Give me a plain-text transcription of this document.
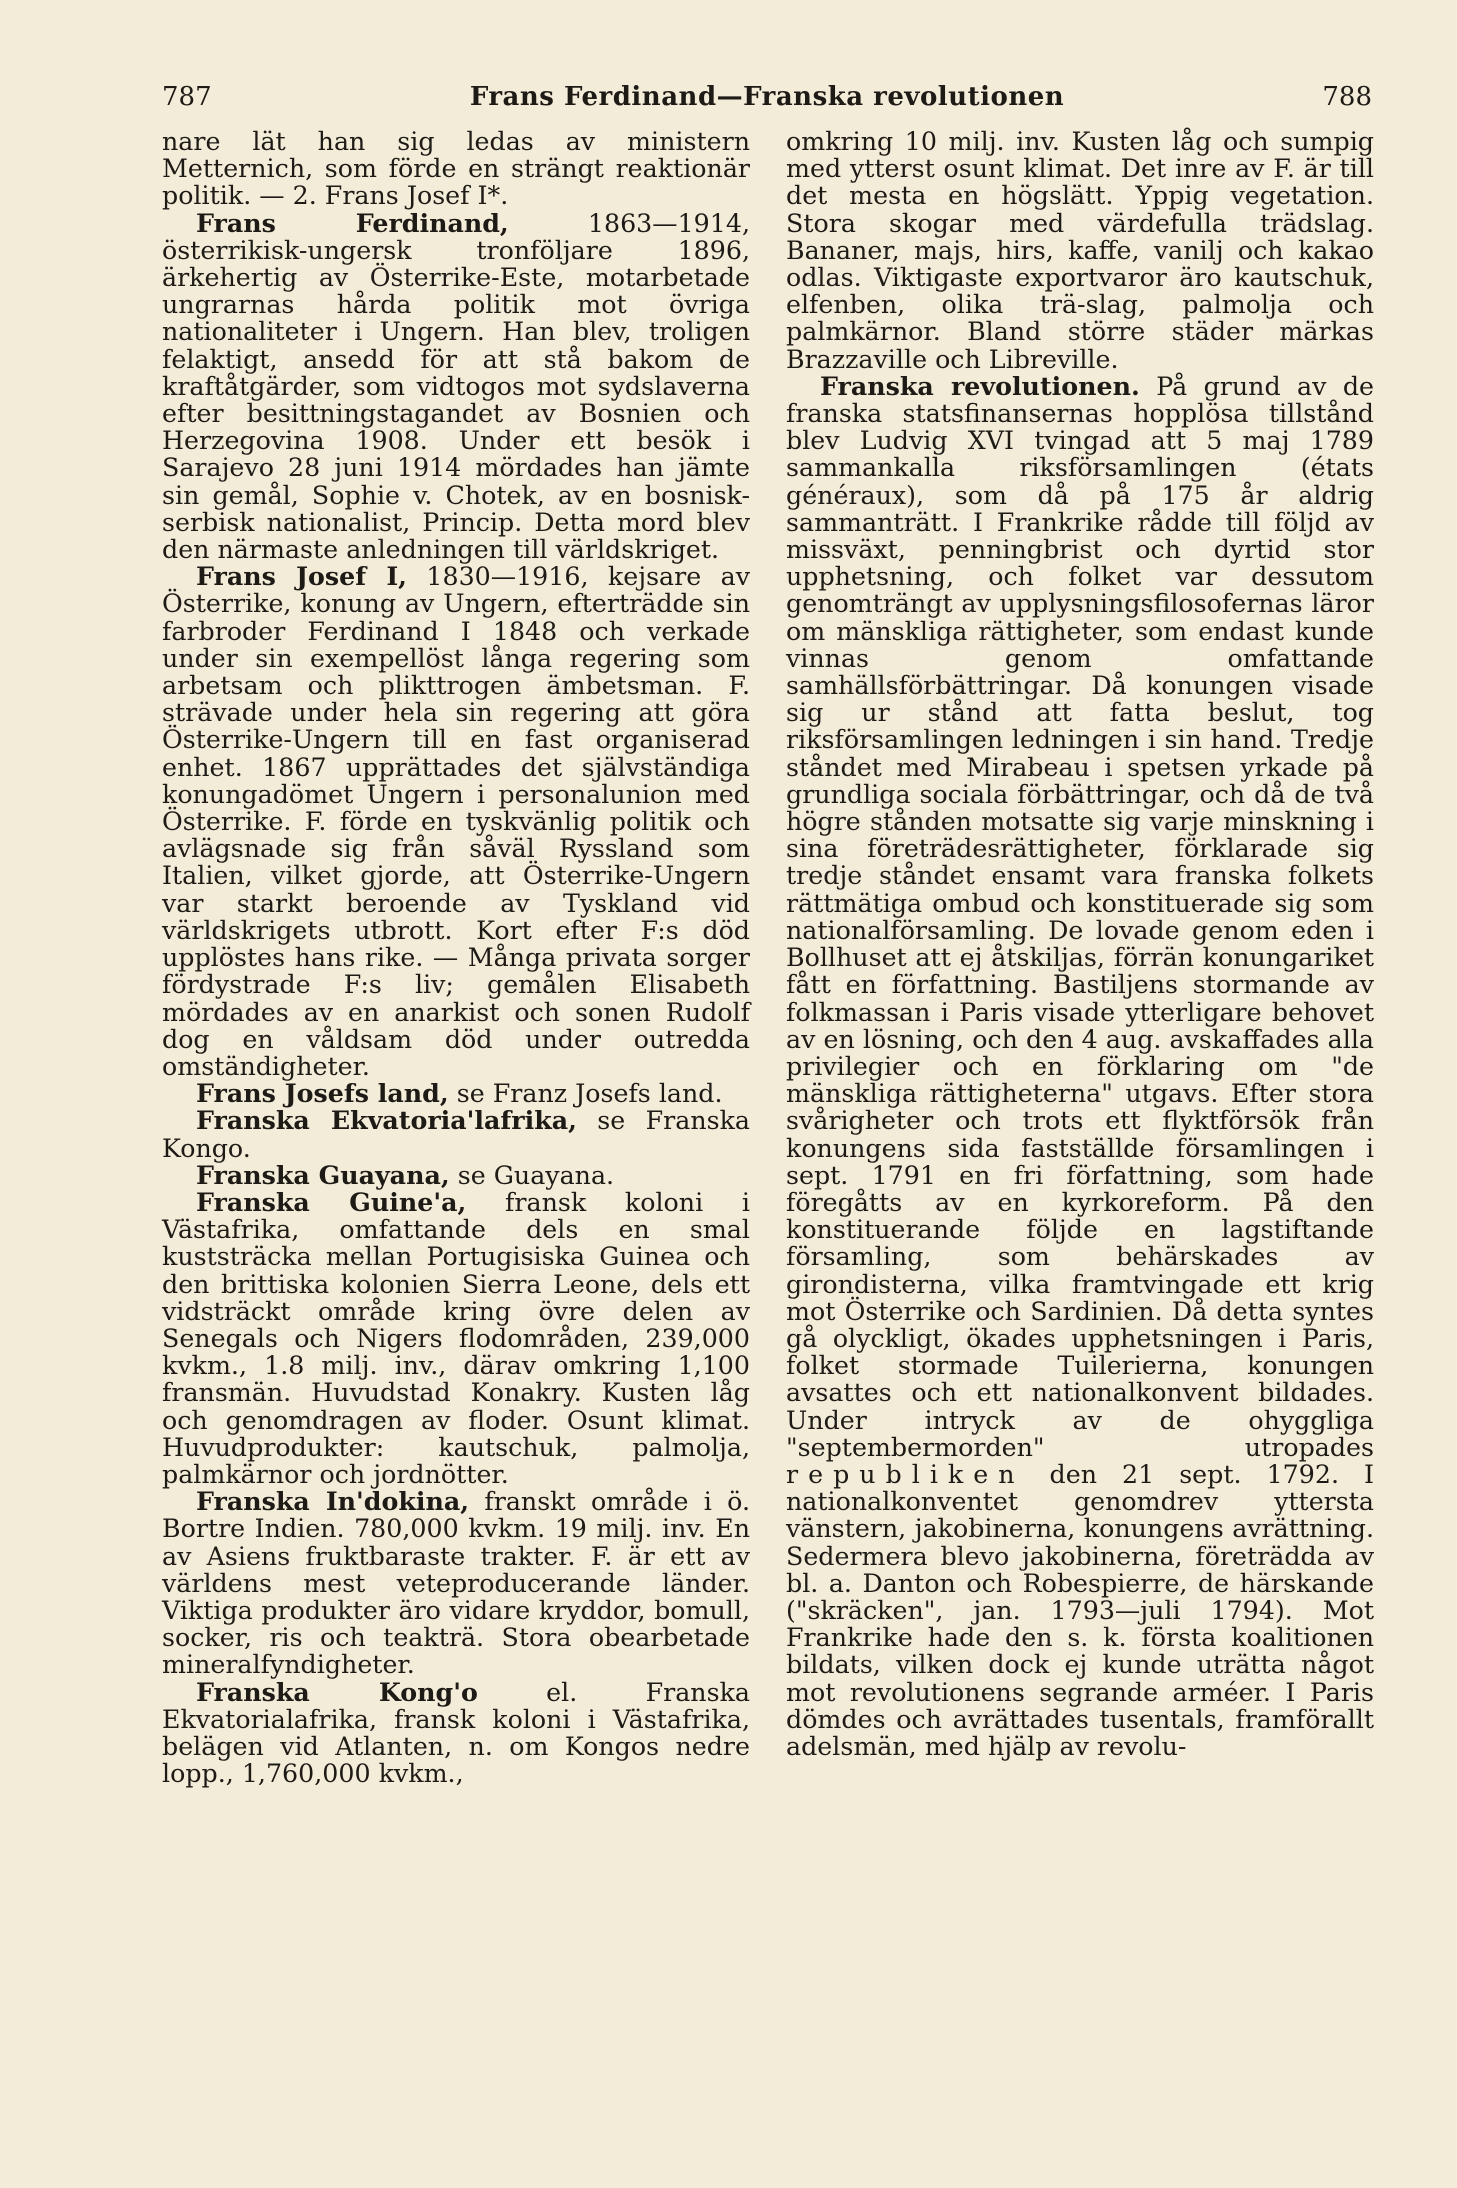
787	Frans Ferdinand—Franska revolutionen	788

nare lät han sig ledas av ministern Metternich, som förde en strängt reaktionär politik. — 2. Frans Josef I*.

Frans Ferdinand, 1863—1914, österrikisk-ungersk tronföljare 1896, ärkehertig av Österrike-Este, motarbetade ungrarnas hårda politik mot övriga nationaliteter i Ungern. Han blev, troligen felaktigt, ansedd för att stå bakom de kraftåtgärder, som vidtogos mot sydslaverna efter besittningstagandet av Bosnien och Herzegovina 1908. Under ett besök i Sarajevo 28 juni 1914 mördades han jämte sin gemål, Sophie v. Chotek, av en bosnisk-serbisk nationalist, Princip. Detta mord blev den närmaste anledningen till världskriget.

Frans Josef I, 1830—1916, kejsare av Österrike, konung av Ungern, efterträdde sin farbroder Ferdinand I 1848 och verkade under sin exempellöst långa regering som arbetsam och plikttrogen ämbetsman. F. strävade under hela sin regering att göra Österrike-Ungern till en fast organiserad enhet. 1867 upprättades det självständiga konungadömet Ungern i personalunion med Österrike. F. förde en tyskvänlig politik och avlägsnade sig från såväl Ryssland som Italien, vilket gjorde, att Österrike-Ungern var starkt beroende av Tyskland vid världskrigets utbrott. Kort efter F:s död upplöstes hans rike. — Många privata sorger fördystrade F:s liv; gemålen Elisabeth mördades av en anarkist och sonen Rudolf dog en våldsam död under outredda omständigheter.

Frans Josefs land, se Franz Josefs land.

Franska Ekvatoria'lafrika, se Franska Kongo.

Franska Guayana, se Guayana.

Franska Guine'a, fransk koloni i Västafrika, omfattande dels en smal kuststräcka mellan Portugisiska Guinea och den brittiska kolonien Sierra Leone, dels ett vidsträckt område kring övre delen av Senegals och Nigers flodområden, 239,000 kvkm., 1.8 milj. inv., därav omkring 1,100 fransmän. Huvudstad Konakry. Kusten låg och genomdragen av floder. Osunt klimat. Huvudprodukter: kautschuk, palmolja, palmkärnor och jordnötter.

Franska In'dokina, franskt område i ö. Bortre Indien. 780,000 kvkm. 19 milj. inv. En av Asiens fruktbaraste trakter. F. är ett av världens mest veteproducerande länder. Viktiga produkter äro vidare kryddor, bomull, socker, ris och teakträ. Stora obearbetade mineralfyndigheter.

Franska Kong'o el. Franska Ekvatorialafrika, fransk koloni i Västafrika, belägen vid Atlanten, n. om Kongos nedre lopp., 1,760,000 kvkm.,

omkring 10 milj. inv. Kusten låg och sumpig med ytterst osunt klimat. Det inre av F. är till det mesta en högslätt. Yppig vegetation. Stora skogar med värdefulla trädslag. Bananer, majs, hirs, kaffe, vanilj och kakao odlas. Viktigaste exportvaror äro kautschuk, elfenben, olika trä-slag, palmolja och palmkärnor. Bland större städer märkas Brazzaville och Libreville.

Franska revolutionen. På grund av de franska statsfinansernas hopplösa tillstånd blev Ludvig XVI tvingad att 5 maj 1789 sammankalla riksförsamlingen (états généraux), som då på 175 år aldrig sammanträtt. I Frankrike rådde till följd av missväxt, penningbrist och dyrtid stor upphetsning, och folket var dessutom genomträngt av upplysningsfilosofernas läror om mänskliga rättigheter, som endast kunde vinnas genom omfattande samhällsförbättringar. Då konungen visade sig ur stånd att fatta beslut, tog riksförsamlingen ledningen i sin hand. Tredje ståndet med Mirabeau i spetsen yrkade på grundliga sociala förbättringar, och då de två högre stånden motsatte sig varje minskning i sina företrädesrättigheter, förklarade sig tredje ståndet ensamt vara franska folkets rättmätiga ombud och konstituerade sig som nationalförsamling. De lovade genom eden i Bollhuset att ej åtskiljas, förrän konungariket fått en författning. Bastiljens stormande av folkmassan i Paris visade ytterligare behovet av en lösning, och den 4 aug. avskaffades alla privilegier och en förklaring om "de mänskliga rättigheterna" utgavs. Efter stora svårigheter och trots ett flyktförsök från konungens sida fastställde församlingen i sept. 1791 en fri författning, som hade föregåtts av en kyrkoreform. På den konstituerande följde en lagstiftande församling, som behärskades av girondisterna, vilka framtvingade ett krig mot Österrike och Sardinien. Då detta syntes gå olyckligt, ökades upphetsningen i Paris, folket stormade Tuilerierna, konungen avsattes och ett nationalkonvent bildades. Under intryck av de ohyggliga "septembermorden" utropades republiken den 21 sept. 1792. I nationalkonventet genomdrev yttersta vänstern, jakobinerna, konungens avrättning. Sedermera blevo jakobinerna, företrädda av bl. a. Danton och Robespierre, de härskande ("skräcken", jan. 1793—juli 1794). Mot Frankrike hade den s. k. första koalitionen bildats, vilken dock ej kunde uträtta något mot revolutionens segrande arméer. I Paris dömdes och avrättades tusentals, framförallt adelsmän, med hjälp av revolu-
